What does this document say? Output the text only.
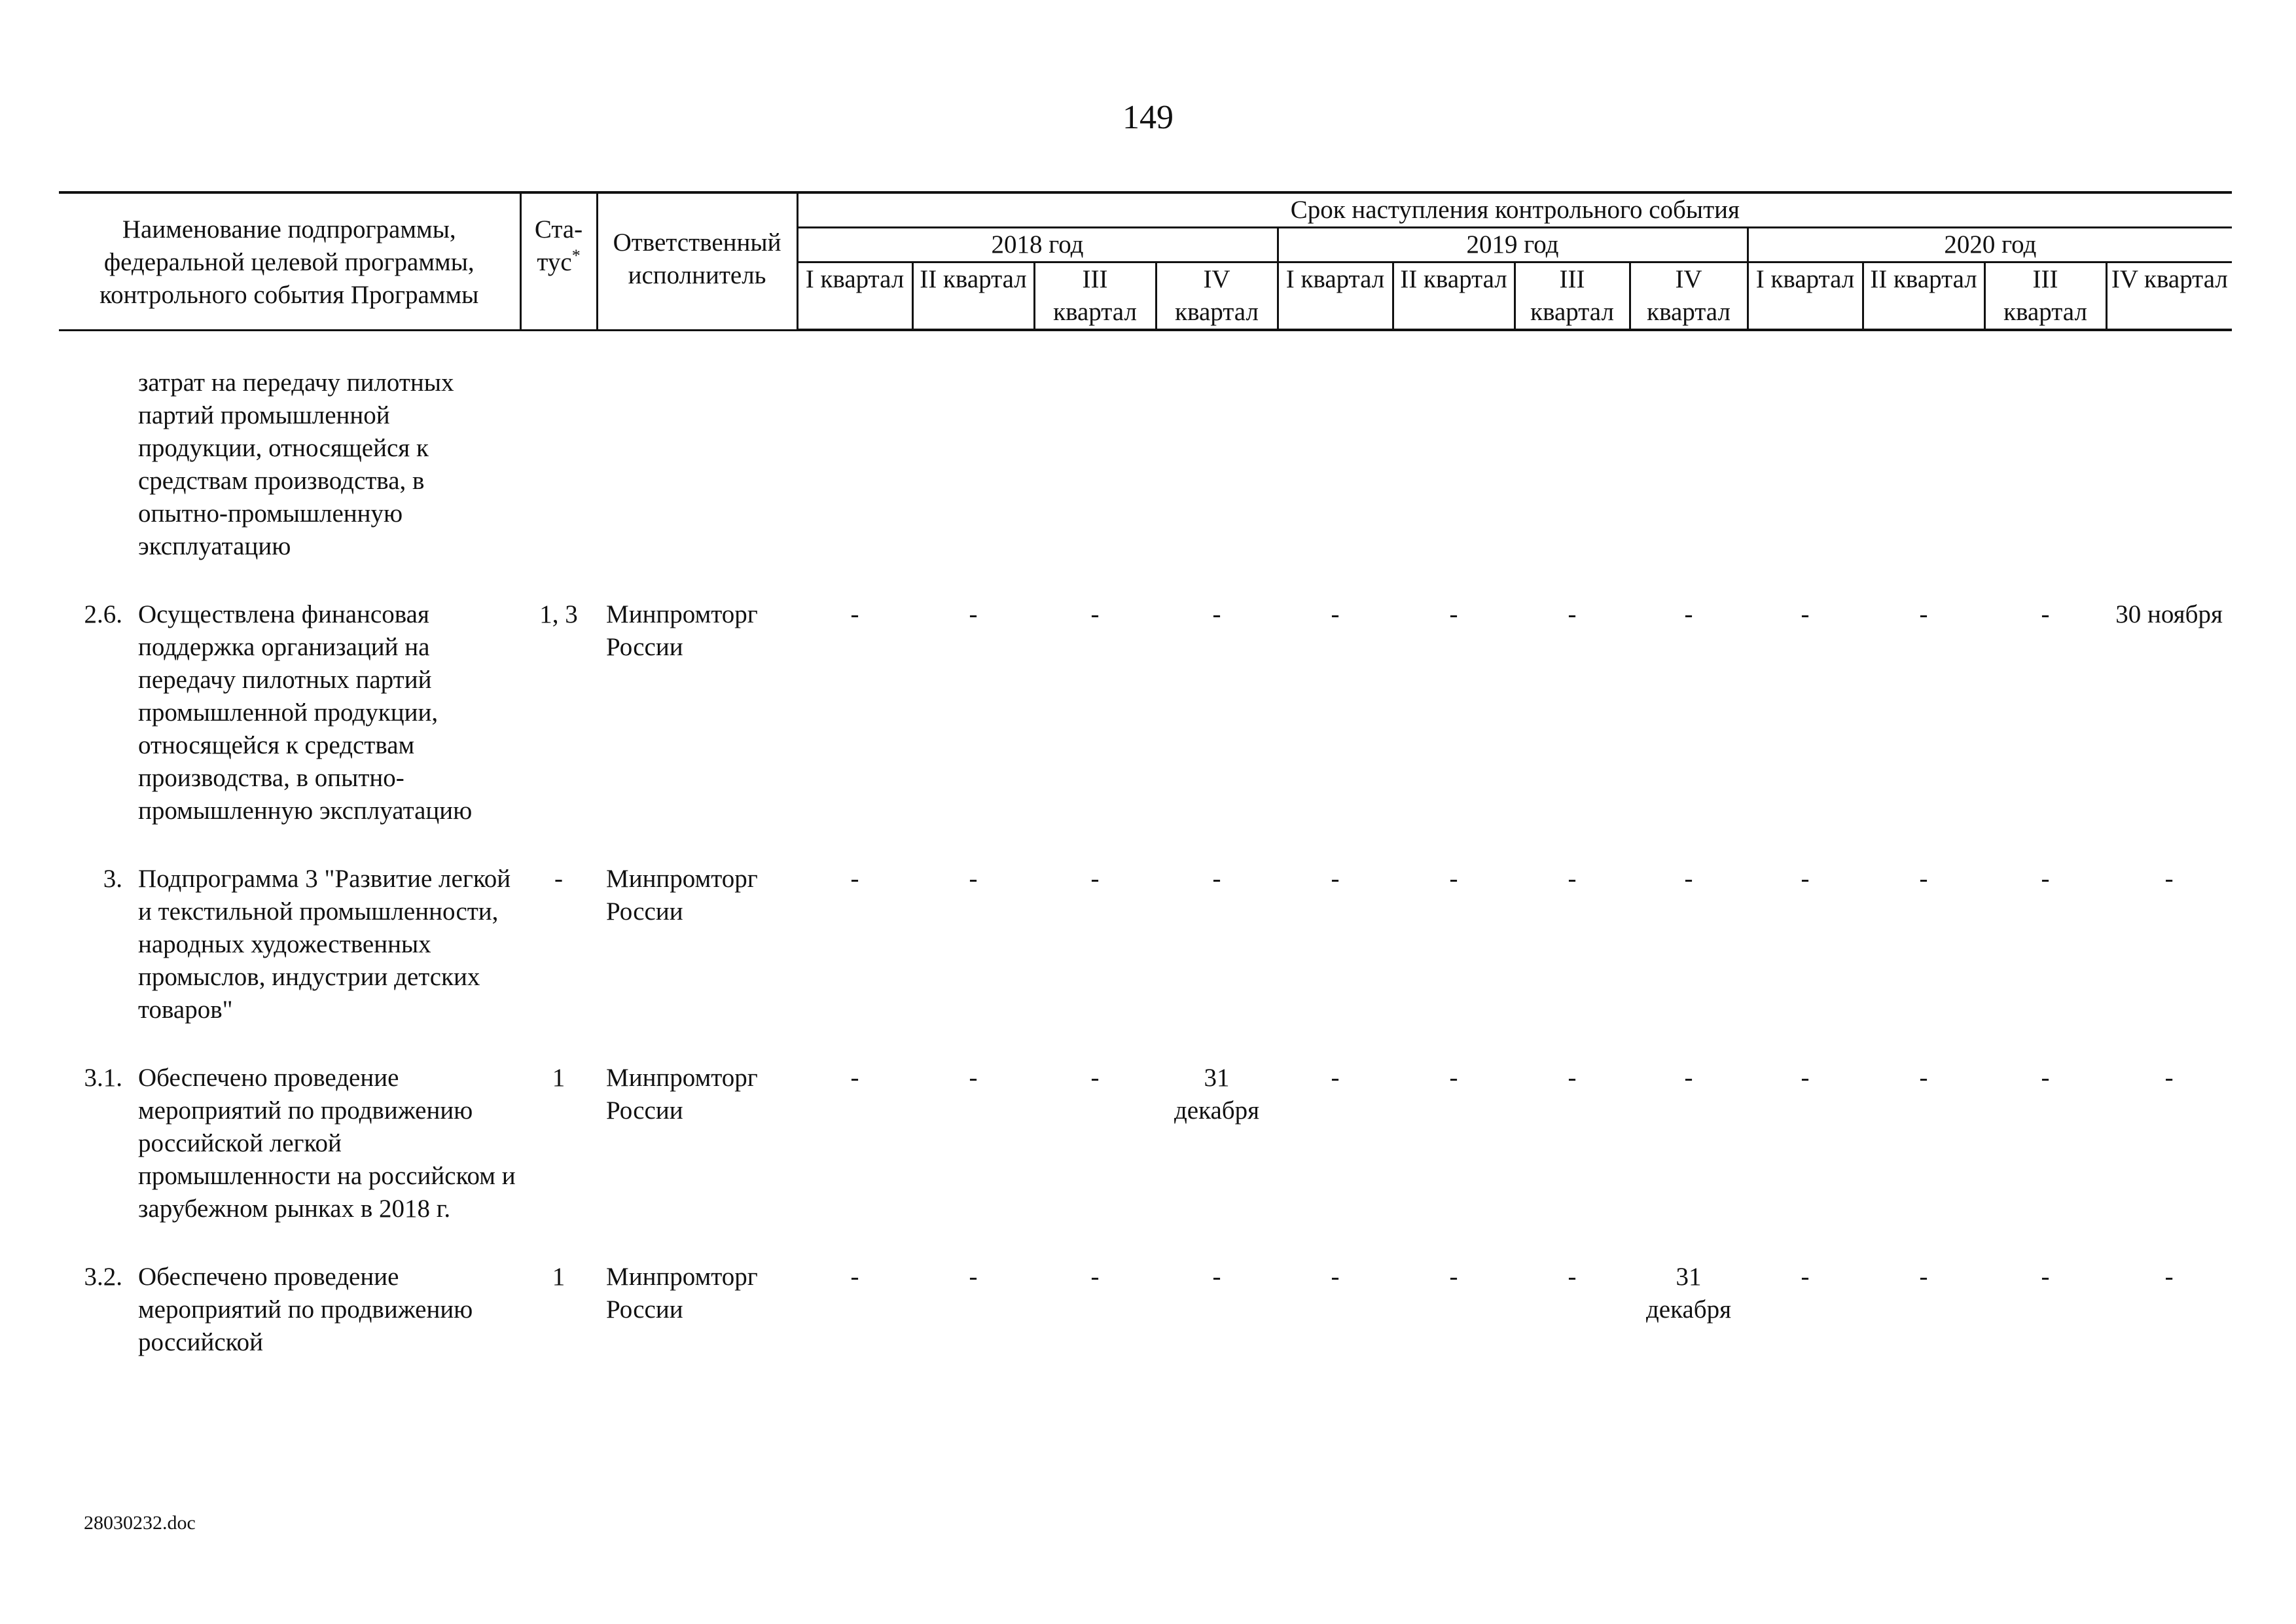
149
Наименование подпрограммы, федеральной целевой программы, контрольного события Программы		Ста-тус*	Ответственный исполнитель	Срок наступления контрольного события											
				2018 год				2019 год				2020 год			
				I квартал	II квартал	III квартал	IV квартал	I квартал	II квартал	III квартал	IV квартал	I квартал	II квартал	III квартал	IV квартал

	затрат на передачу пилотных партий промышленной продукции, относящейся к средствам производства, в опытно-промышленную эксплуатацию														

2.6.	Осуществлена финансовая поддержка организаций на передачу пилотных партий промышленной продукции, относящейся к средствам производства, в опытно-промышленную эксплуатацию	1, 3	Минпромторг России	-	-	-	-	-	-	-	-	-	-	-	30 ноября

3.	Подпрограмма 3 "Развитие легкой и текстильной промышленности, народных художественных промыслов, индустрии детских товаров"	-	Минпромторг России	-	-	-	-	-	-	-	-	-	-	-	-

3.1.	Обеспечено проведение мероприятий по продвижению российской легкой промышленности на российском и зарубежном рынках в 2018 г.	1	Минпромторг России	-	-	-	31 декабря	-	-	-	-	-	-	-	-

3.2.	Обеспечено проведение мероприятий по продвижению российской	1	Минпромторг России	-	-	-	-	-	-	-	31 декабря	-	-	-	-
28030232.doc
